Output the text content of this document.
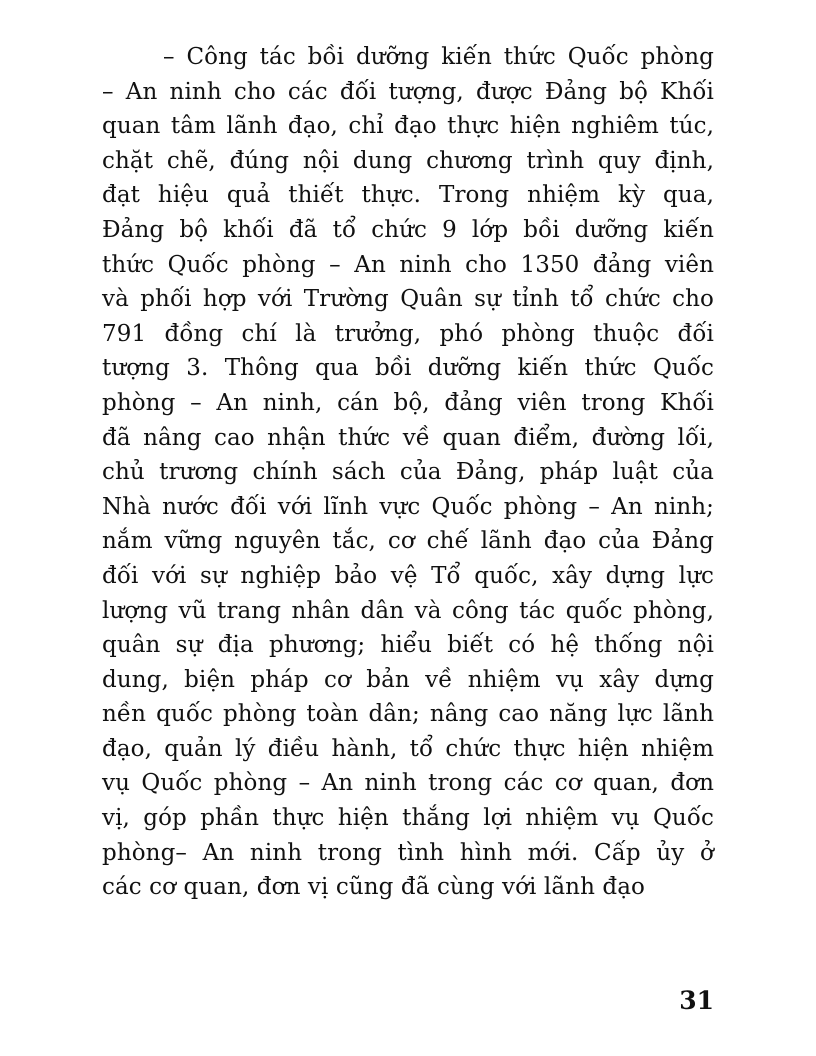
– Công tác bồi dưỡng kiến thức Quốc phòng
– An ninh cho các đối tượng, được Đảng bộ Khối
quan tâm lãnh đạo, chỉ đạo thực hiện nghiêm túc,
chặt chẽ, đúng nội dung chương trình quy định,
đạt hiệu quả thiết thực. Trong nhiệm kỳ qua,
Đảng bộ khối đã tổ chức 9 lớp bồi dưỡng kiến
thức Quốc phòng – An ninh cho 1350 đảng viên
và phối hợp với Trường Quân sự tỉnh tổ chức cho
791 đồng chí là trưởng, phó phòng thuộc đối
tượng 3. Thông qua bồi dưỡng kiến thức Quốc
phòng – An ninh, cán bộ, đảng viên trong Khối
đã nâng cao nhận thức về quan điểm, đường lối,
chủ trương chính sách của Đảng, pháp luật của
Nhà nước đối với lĩnh vực Quốc phòng – An ninh;
nắm vững nguyên tắc, cơ chế lãnh đạo của Đảng
đối với sự nghiệp bảo vệ Tổ quốc, xây dựng lực
lượng vũ trang nhân dân và công tác quốc phòng,
quân sự địa phương; hiểu biết có hệ thống nội
dung, biện pháp cơ bản về nhiệm vụ xây dựng
nền quốc phòng toàn dân; nâng cao năng lực lãnh
đạo, quản lý điều hành, tổ chức thực hiện nhiệm
vụ Quốc phòng – An ninh trong các cơ quan, đơn
vị, góp phần thực hiện thắng lợi nhiệm vụ Quốc
phòng– An ninh trong tình hình mới. Cấp ủy ở
các cơ quan, đơn vị cũng đã cùng với lãnh đạo
31
